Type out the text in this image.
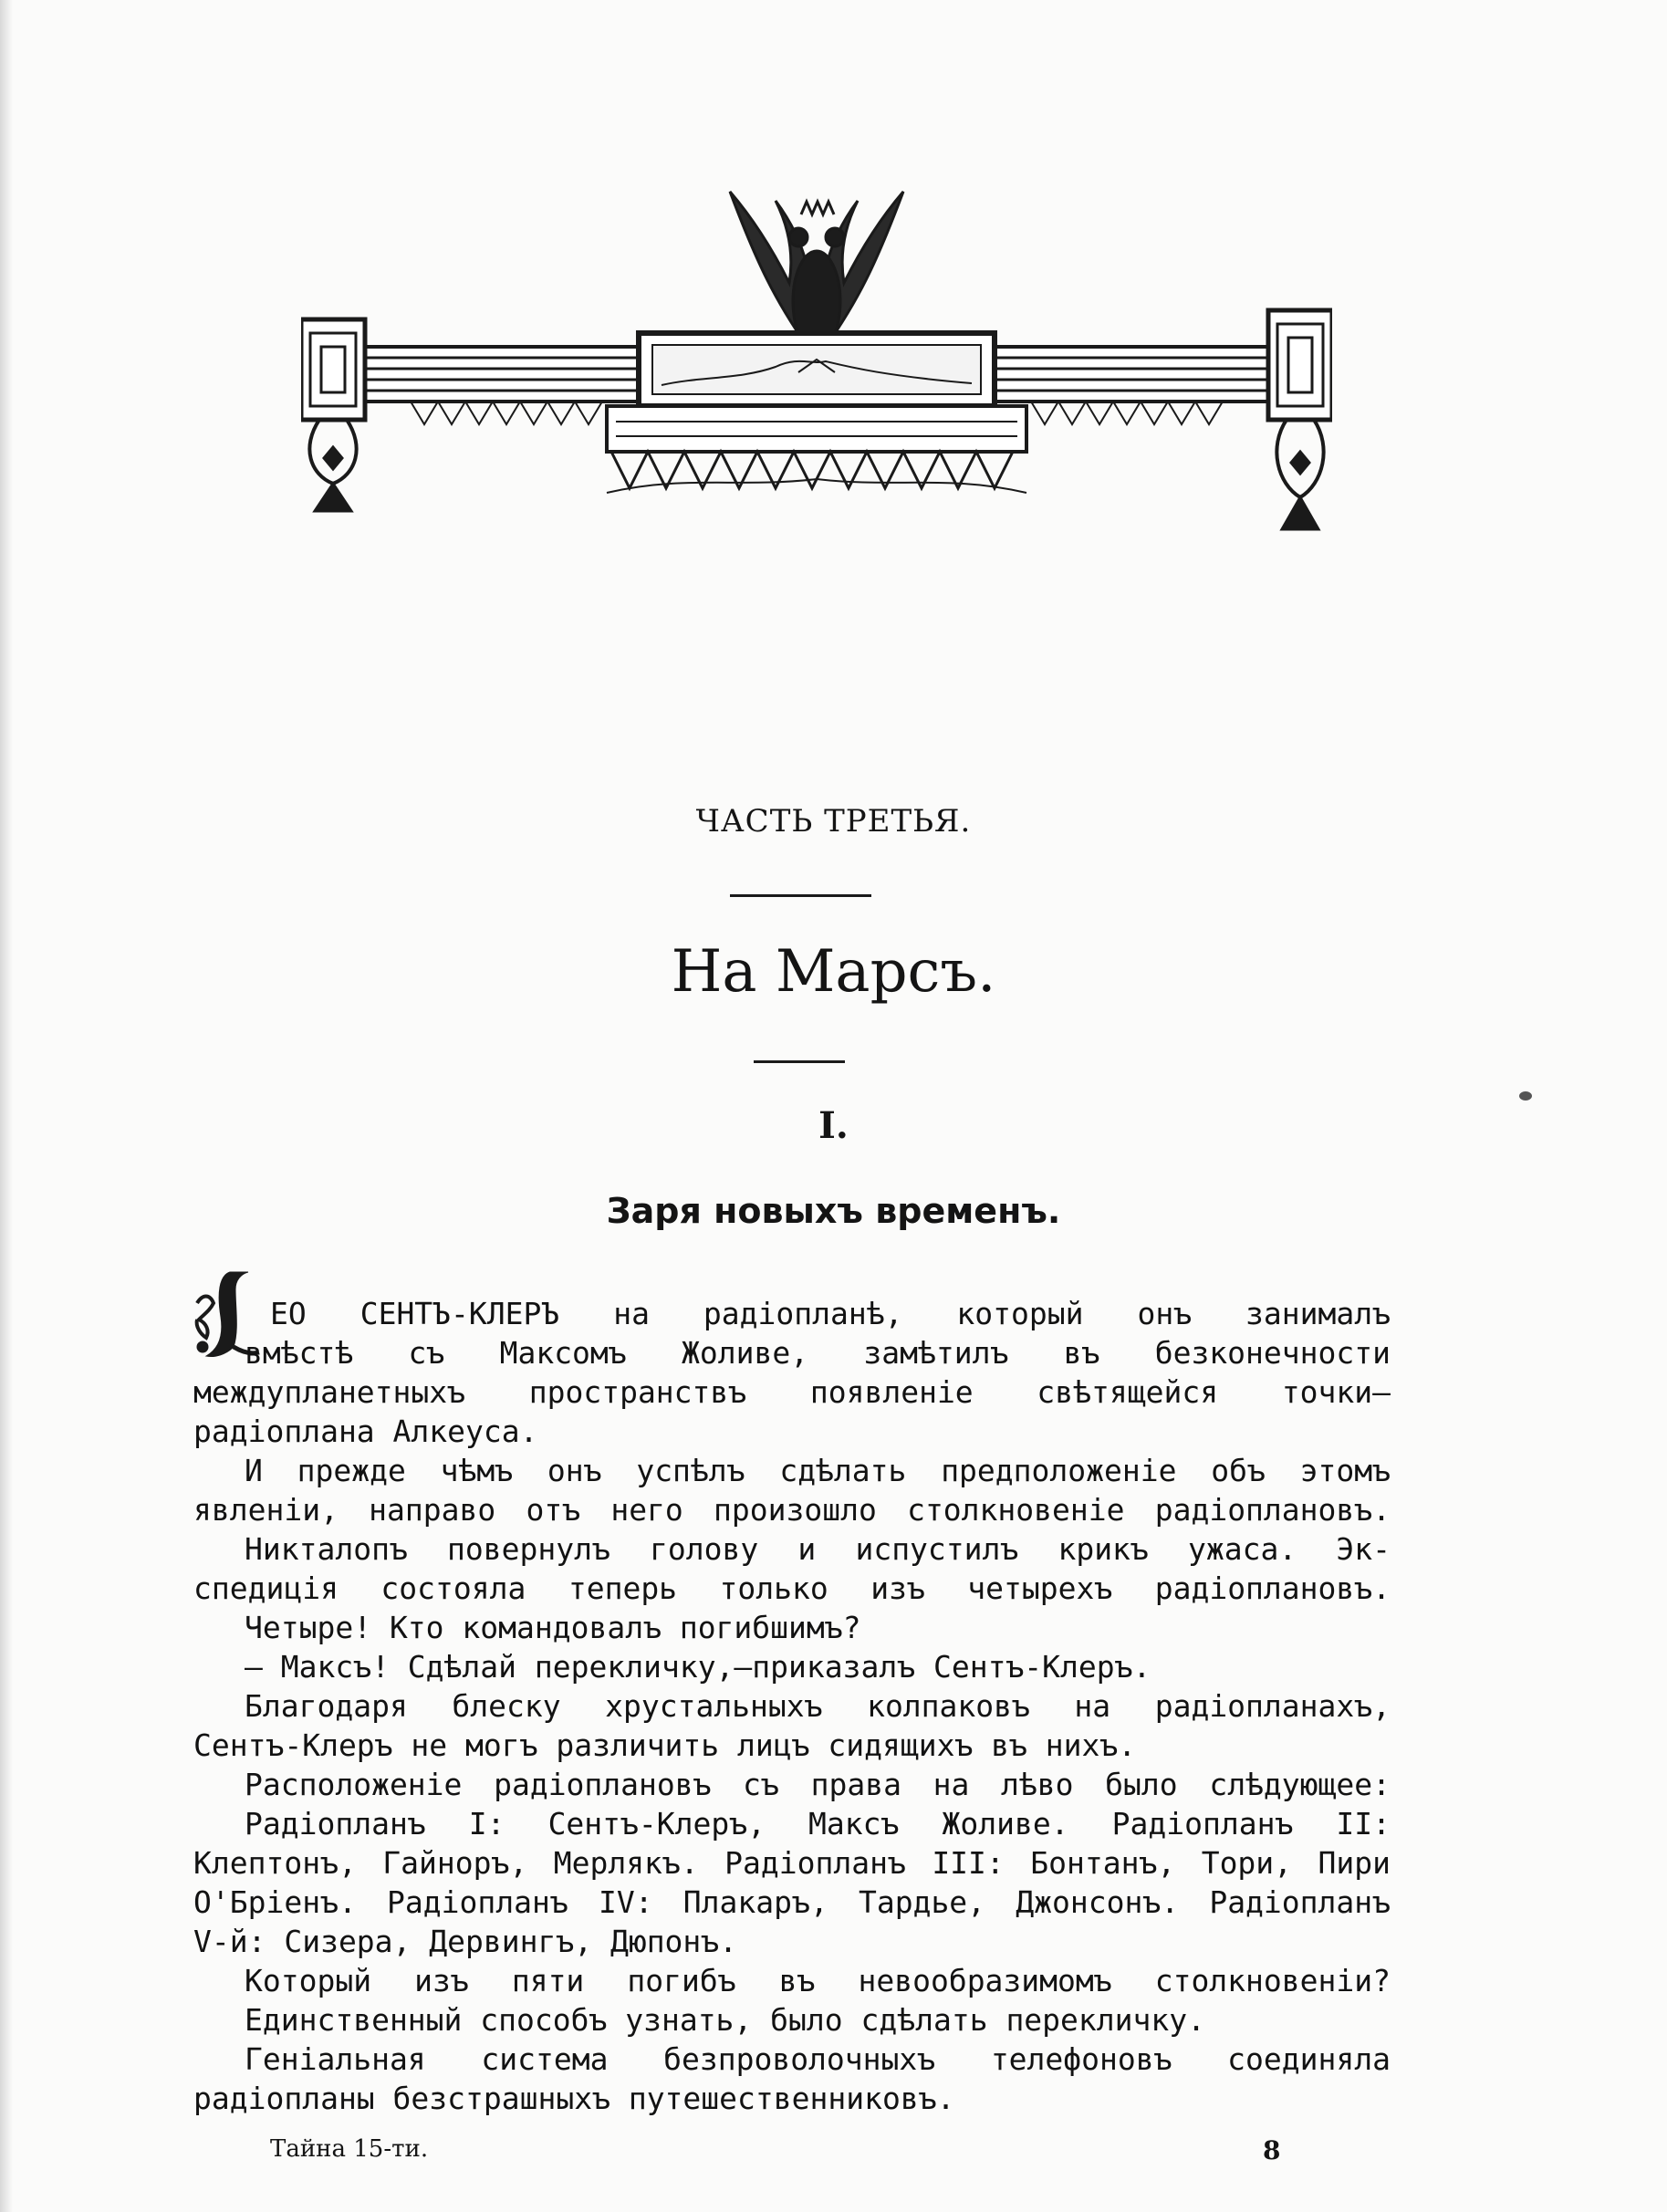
ЧАСТЬ ТРЕТЬЯ.
На Марсъ.
I.
Заря новыхъ временъ.
ЕО СЕНТЪ-КЛЕРЪ на радіопланѣ, который онъ занималъ
вмѣстѣ съ Максомъ Жоливе, замѣтилъ въ безконечности
междупланетныхъ пространствъ появленіе свѣтящейся точки—
радіоплана Алкеуса.
И прежде чѣмъ онъ успѣлъ сдѣлать предположеніе объ этомъ
явленіи, направо отъ него произошло столкновеніе радіоплановъ.
Никталопъ повернулъ голову и испустилъ крикъ ужаса. Эк-
спедиція состояла теперь только изъ четырехъ радіоплановъ.
Четыре! Кто командовалъ погибшимъ?
— Максъ! Сдѣлай перекличку,—приказалъ Сентъ-Клеръ.
Благодаря блеску хрустальныхъ колпаковъ на радіопланахъ,
Сентъ-Клеръ не могъ различить лицъ сидящихъ въ нихъ.
Расположеніе радіоплановъ съ права на лѣво было слѣдующее:
Радіопланъ I: Сентъ-Клеръ, Максъ Жоливе. Радіопланъ II:
Клептонъ, Гайноръ, Мерлякъ. Радіопланъ III: Бонтанъ, Тори, Пири
О'Бріенъ. Радіопланъ IV: Плакаръ, Тардье, Джонсонъ. Радіопланъ
V-й: Сизера, Дервингъ, Дюпонъ.
Который изъ пяти погибъ въ невообразимомъ столкновеніи?
Единственный способъ узнать, было сдѣлать перекличку.
Геніальная система безпроволочныхъ телефоновъ соединяла
радіопланы безстрашныхъ путешественниковъ.
Тайна 15-ти.	8
